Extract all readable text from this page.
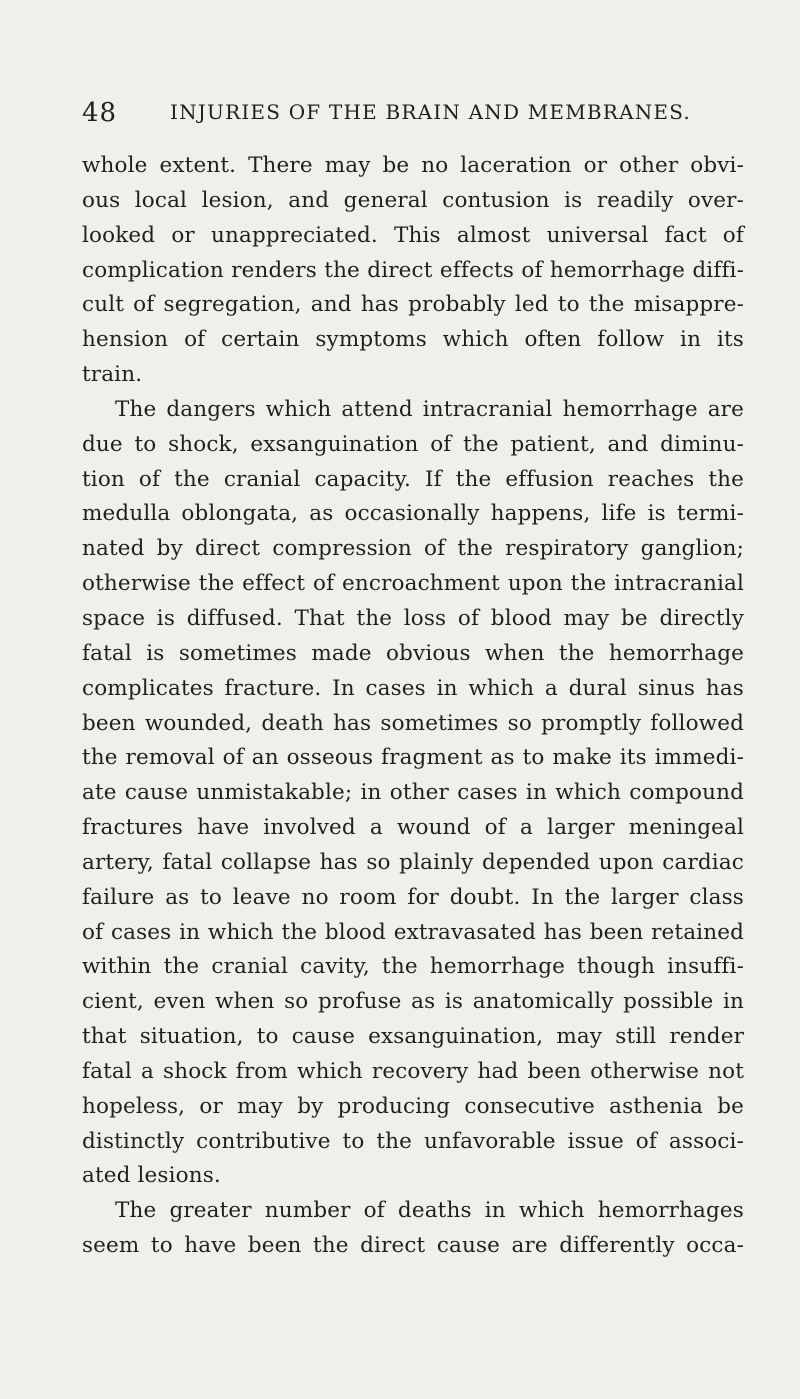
48	INJURIES OF THE BRAIN AND MEMBRANES.
whole extent. There may be no laceration or other obvi-
ous local lesion, and general contusion is readily over-
looked or unappreciated. This almost universal fact of
complication renders the direct effects of hemorrhage diffi-
cult of segregation, and has probably led to the misappre-
hension of certain symptoms which often follow in its
train.
The dangers which attend intracranial hemorrhage are
due to shock, exsanguination of the patient, and diminu-
tion of the cranial capacity. If the effusion reaches the
medulla oblongata, as occasionally happens, life is termi-
nated by direct compression of the respiratory ganglion;
otherwise the effect of encroachment upon the intracranial
space is diffused. That the loss of blood may be directly
fatal is sometimes made obvious when the hemorrhage
complicates fracture. In cases in which a dural sinus has
been wounded, death has sometimes so promptly followed
the removal of an osseous fragment as to make its immedi-
ate cause unmistakable; in other cases in which compound
fractures have involved a wound of a larger meningeal
artery, fatal collapse has so plainly depended upon cardiac
failure as to leave no room for doubt. In the larger class
of cases in which the blood extravasated has been retained
within the cranial cavity, the hemorrhage though insuffi-
cient, even when so profuse as is anatomically possible in
that situation, to cause exsanguination, may still render
fatal a shock from which recovery had been otherwise not
hopeless, or may by producing consecutive asthenia be
distinctly contributive to the unfavorable issue of associ-
ated lesions.
The greater number of deaths in which hemorrhages
seem to have been the direct cause are differently occa-
